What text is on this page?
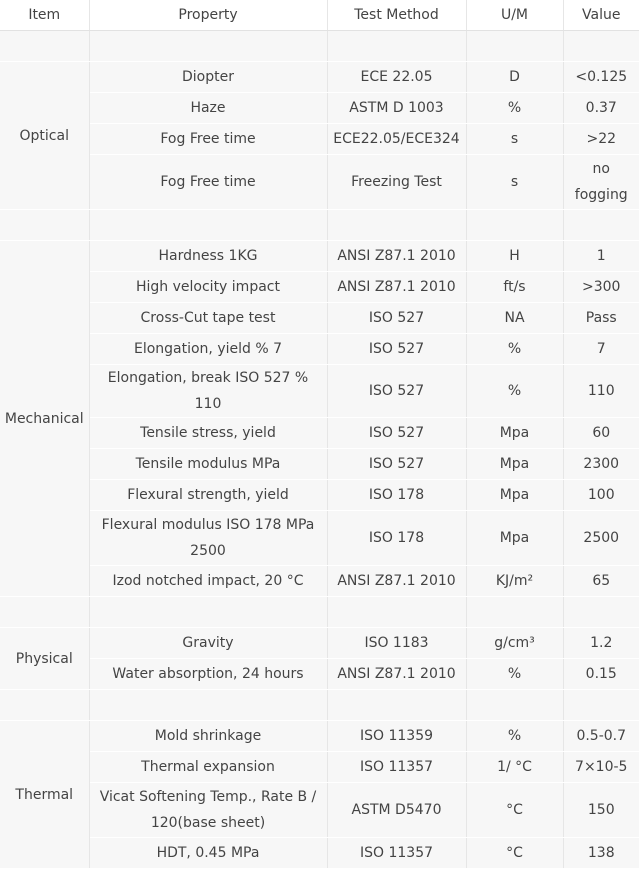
Item	Property	Test Method	U/M	Value

Optical	Diopter	ECE 22.05	D	<0.125
	Haze	ASTM D 1003	%	0.37
	Fog Free time	ECE22.05/ECE324	s	>22
	Fog Free time	Freezing Test	s	no fogging

Mechanical	Hardness 1KG	ANSI Z87.1 2010	H	1
	High velocity impact	ANSI Z87.1 2010	ft/s	>300
	Cross-Cut tape test	ISO 527	NA	Pass
	Elongation, yield % 7	ISO 527	%	7
	Elongation, break ISO 527 % 110	ISO 527	%	110
	Tensile stress, yield	ISO 527	Mpa	60
	Tensile modulus MPa	ISO 527	Mpa	2300
	Flexural strength, yield	ISO 178	Mpa	100
	Flexural modulus ISO 178 MPa 2500	ISO 178	Mpa	2500
	Izod notched impact, 20 °C	ANSI Z87.1 2010	KJ/m²	65

Physical	Gravity	ISO 1183	g/cm³	1.2
	Water absorption, 24 hours	ANSI Z87.1 2010	%	0.15

Thermal	Mold shrinkage	ISO 11359	%	0.5-0.7
	Thermal expansion	ISO 11357	1/ °C	7×10-5
	Vicat Softening Temp., Rate B / 120(base sheet)	ASTM D5470	°C	150
	HDT, 0.45 MPa	ISO 11357	°C	138
